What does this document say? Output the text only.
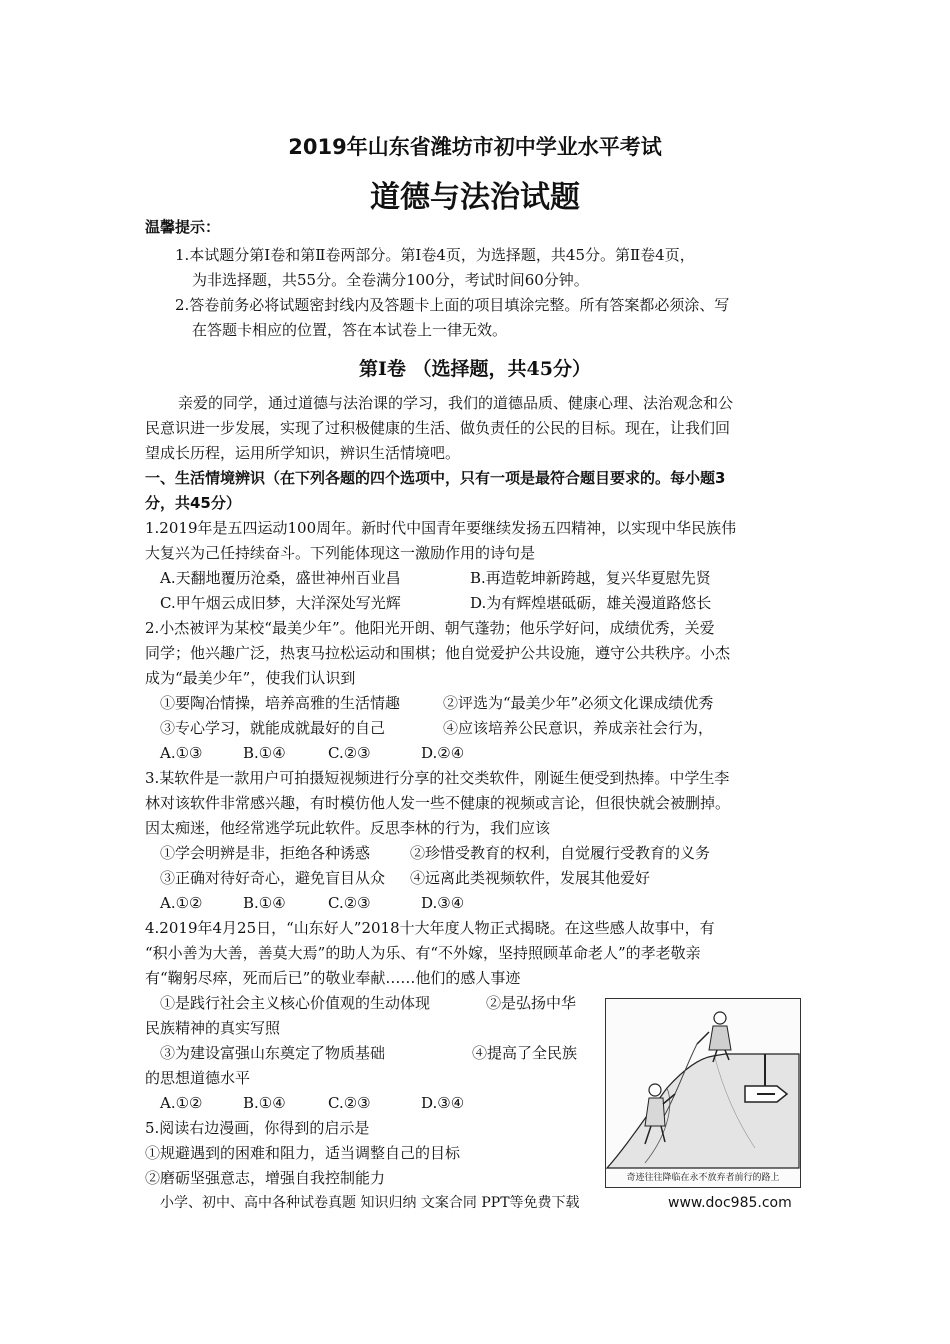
2019年山东省潍坊市初中学业水平考试
道德与法治试题
温馨提示：
1.本试题分第Ⅰ卷和第Ⅱ卷两部分。第Ⅰ卷4页，为选择题，共45分。第Ⅱ卷4页，
为非选择题，共55分。全卷满分100分，考试时间60分钟。
2.答卷前务必将试题密封线内及答题卡上面的项目填涂完整。所有答案都必须涂、写
在答题卡相应的位置，答在本试卷上一律无效。
第Ⅰ卷 （选择题，共45分）
亲爱的同学，通过道德与法治课的学习，我们的道德品质、健康心理、法治观念和公
民意识进一步发展，实现了过积极健康的生活、做负责任的公民的目标。现在，让我们回
望成长历程，运用所学知识，辨识生活情境吧。
一、生活情境辨识（在下列各题的四个选项中，只有一项是最符合题目要求的。每小题3
分，共45分）
1.2019年是五四运动100周年。新时代中国青年要继续发扬五四精神，以实现中华民族伟
大复兴为己任持续奋斗。下列能体现这一激励作用的诗句是
A.天翻地覆历沧桑，盛世神州百业昌	B.再造乾坤新跨越，复兴华夏慰先贤
C.甲午烟云成旧梦，大洋深处写光辉	D.为有辉煌堪砥砺，雄关漫道路悠长
2.小杰被评为某校“最美少年”。他阳光开朗、朝气蓬勃；他乐学好问，成绩优秀，关爱
同学；他兴趣广泛，热衷马拉松运动和围棋；他自觉爱护公共设施，遵守公共秩序。小杰
成为“最美少年”，使我们认识到
①要陶冶情操，培养高雅的生活情趣	②评选为“最美少年”必须文化课成绩优秀
③专心学习，就能成就最好的自己	④应该培养公民意识，养成亲社会行为，
A.①③	B.①④	C.②③	D.②④
3.某软件是一款用户可拍摄短视频进行分享的社交类软件，刚诞生便受到热捧。中学生李
林对该软件非常感兴趣，有时模仿他人发一些不健康的视频或言论，但很快就会被删掉。
因太痴迷，他经常逃学玩此软件。反思李林的行为，我们应该
①学会明辨是非，拒绝各种诱惑	②珍惜受教育的权利，自觉履行受教育的义务
③正确对待好奇心，避免盲目从众 ④远离此类视频软件，发展其他爱好
A.①②	B.①④	C.②③	D.③④
4.2019年4月25日，“山东好人”2018十大年度人物正式揭晓。在这些感人故事中，有
“积小善为大善，善莫大焉”的助人为乐、有“不外嫁，坚持照顾革命老人”的孝老敬亲
有“鞠躬尽瘁，死而后已”的敬业奉献……他们的感人事迹
①是践行社会主义核心价值观的生动体现	②是弘扬中华
民族精神的真实写照
③为建设富强山东奠定了物质基础	④提高了全民族
的思想道德水平
A.①②	B.①④	C.②③	D.③④
5.阅读右边漫画，你得到的启示是
①规避遇到的困难和阻力，适当调整自己的目标
②磨砺坚强意志，增强自我控制能力	奇迹往往降临在永不放弃者前行的路上
小学、初中、高中各种试卷真题 知识归纳 文案合同 PPT等免费下载	www.doc985.com
